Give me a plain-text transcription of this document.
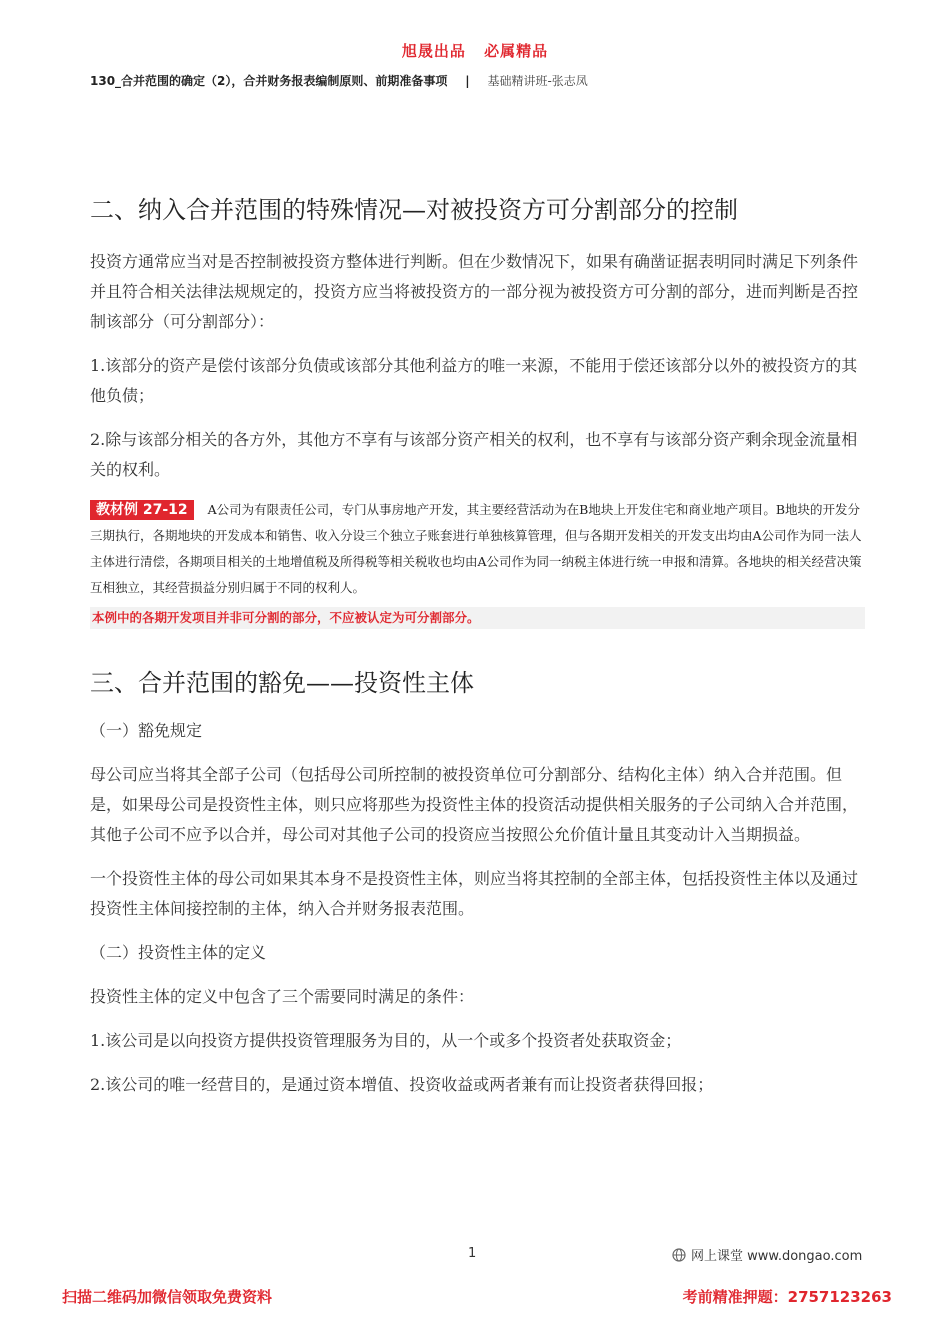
旭晟出品 必属精品
130_合并范围的确定（2），合并财务报表编制原则、前期准备事项 | 基础精讲班-张志凤
二、纳入合并范围的特殊情况—对被投资方可分割部分的控制

投资方通常应当对是否控制被投资方整体进行判断。但在少数情况下，如果有确凿证据表明同时满足下列条件并且符合相关法律法规规定的，投资方应当将被投资方的一部分视为被投资方可分割的部分，进而判断是否控制该部分（可分割部分）：

1.该部分的资产是偿付该部分负债或该部分其他利益方的唯一来源，不能用于偿还该部分以外的被投资方的其他负债；

2.除与该部分相关的各方外，其他方不享有与该部分资产相关的权利，也不享有与该部分资产剩余现金流量相关的权利。

教材例 27-12 A公司为有限责任公司，专门从事房地产开发，其主要经营活动为在B地块上开发住宅和商业地产项目。B地块的开发分三期执行，各期地块的开发成本和销售、收入分设三个独立子账套进行单独核算管理，但与各期开发相关的开发支出均由A公司作为同一法人主体进行清偿，各期项目相关的土地增值税及所得税等相关税收也均由A公司作为同一纳税主体进行统一申报和清算。各地块的相关经营决策互相独立，其经营损益分别归属于不同的权利人。
本例中的各期开发项目并非可分割的部分，不应被认定为可分割部分。
三、合并范围的豁免——投资性主体

（一）豁免规定

母公司应当将其全部子公司（包括母公司所控制的被投资单位可分割部分、结构化主体）纳入合并范围。但是，如果母公司是投资性主体，则只应将那些为投资性主体的投资活动提供相关服务的子公司纳入合并范围，其他子公司不应予以合并，母公司对其他子公司的投资应当按照公允价值计量且其变动计入当期损益。

一个投资性主体的母公司如果其本身不是投资性主体，则应当将其控制的全部主体，包括投资性主体以及通过投资性主体间接控制的主体，纳入合并财务报表范围。

（二）投资性主体的定义

投资性主体的定义中包含了三个需要同时满足的条件：

1.该公司是以向投资方提供投资管理服务为目的，从一个或多个投资者处获取资金；

2.该公司的唯一经营目的，是通过资本增值、投资收益或两者兼有而让投资者获得回报；

1	网上课堂 www.dongao.com
扫描二维码加微信领取免费资料	考前精准押题：2757123263
